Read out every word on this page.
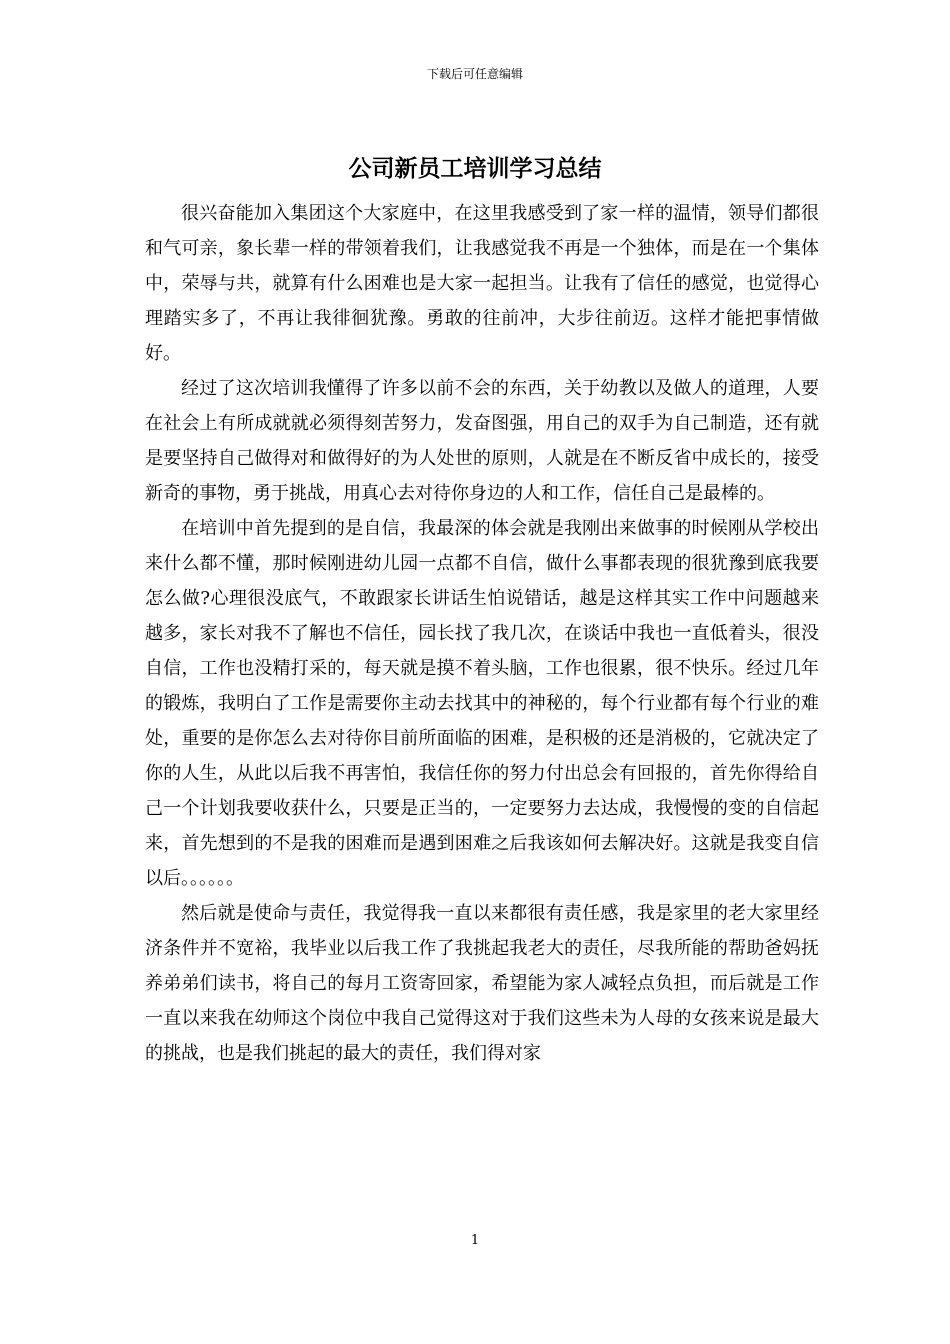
下载后可任意编辑
公司新员工培训学习总结

很兴奋能加入集团这个大家庭中，在这里我感受到了家一样的温情，领导们都很和气可亲，象长辈一样的带领着我们，让我感觉我不再是一个独体，而是在一个集体中，荣辱与共，就算有什么困难也是大家一起担当。让我有了信任的感觉，也觉得心理踏实多了，不再让我徘徊犹豫。勇敢的往前冲，大步往前迈。这样才能把事情做好。

经过了这次培训我懂得了许多以前不会的东西，关于幼教以及做人的道理，人要在社会上有所成就就必须得刻苦努力，发奋图强，用自己的双手为自己制造，还有就是要坚持自己做得对和做得好的为人处世的原则，人就是在不断反省中成长的，接受新奇的事物，勇于挑战，用真心去对待你身边的人和工作，信任自己是最棒的。

在培训中首先提到的是自信，我最深的体会就是我刚出来做事的时候刚从学校出来什么都不懂，那时候刚进幼儿园一点都不自信，做什么事都表现的很犹豫到底我要怎么做?心理很没底气，不敢跟家长讲话生怕说错话，越是这样其实工作中问题越来越多，家长对我不了解也不信任，园长找了我几次，在谈话中我也一直低着头，很没自信，工作也没精打采的，每天就是摸不着头脑，工作也很累，很不快乐。经过几年的锻炼，我明白了工作是需要你主动去找其中的神秘的，每个行业都有每个行业的难处，重要的是你怎么去对待你目前所面临的困难，是积极的还是消极的，它就决定了你的人生，从此以后我不再害怕，我信任你的努力付出总会有回报的，首先你得给自己一个计划我要收获什么，只要是正当的，一定要努力去达成，我慢慢的变的自信起来，首先想到的不是我的困难而是遇到困难之后我该如何去解决好。这就是我变自信以后。。。。。。

然后就是使命与责任，我觉得我一直以来都很有责任感，我是家里的老大家里经济条件并不宽裕，我毕业以后我工作了我挑起我老大的责任，尽我所能的帮助爸妈抚养弟弟们读书，将自己的每月工资寄回家，希望能为家人减轻点负担，而后就是工作一直以来我在幼师这个岗位中我自己觉得这对于我们这些未为人母的女孩来说是最大的挑战，也是我们挑起的最大的责任，我们得对家

1
